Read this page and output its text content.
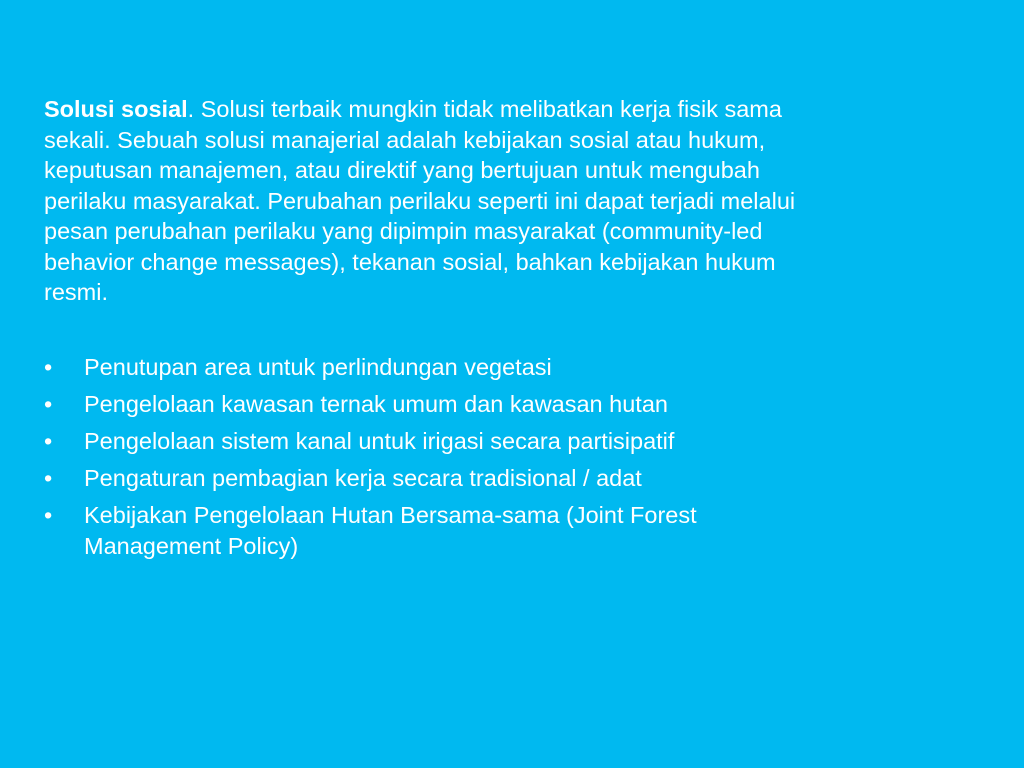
Solusi sosial. Solusi terbaik mungkin tidak melibatkan kerja fisik sama
sekali. Sebuah solusi manajerial adalah kebijakan sosial atau hukum,
keputusan manajemen, atau direktif yang bertujuan untuk mengubah
perilaku masyarakat. Perubahan perilaku seperti ini dapat terjadi melalui
pesan perubahan perilaku yang dipimpin masyarakat (community-led
behavior change messages), tekanan sosial, bahkan kebijakan hukum
resmi.

•	Penutupan area untuk perlindungan vegetasi
•	Pengelolaan kawasan ternak umum dan kawasan hutan
•	Pengelolaan sistem kanal untuk irigasi secara partisipatif
•	Pengaturan pembagian kerja secara tradisional / adat
•	Kebijakan Pengelolaan Hutan Bersama-sama (Joint Forest
Management Policy)
